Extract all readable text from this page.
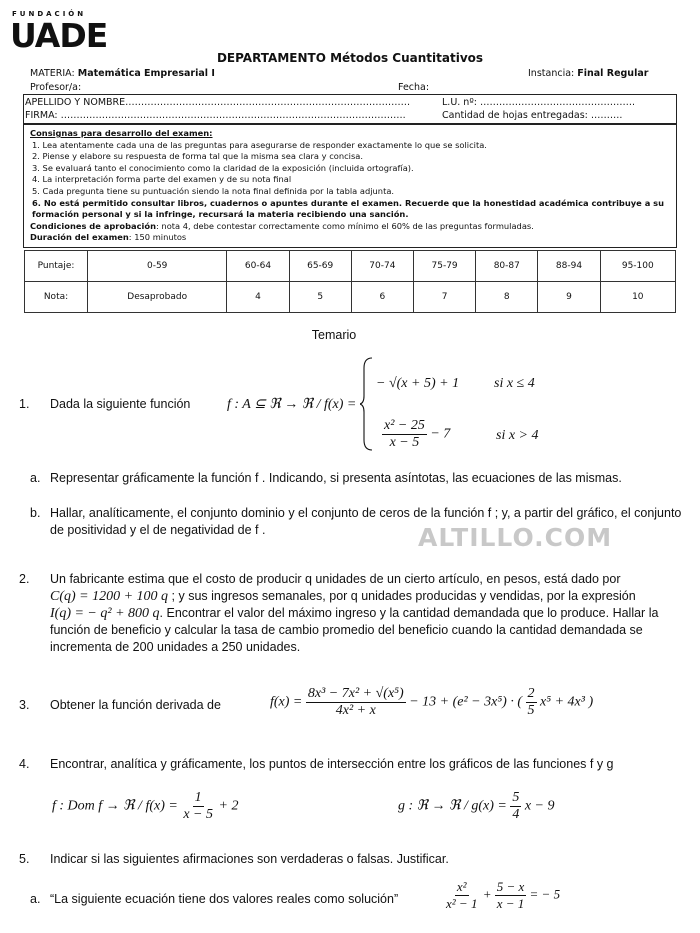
FUNDACIÓN
UADE
DEPARTAMENTO Métodos Cuantitativos
MATERIA: Matemática Empresarial I	Instancia: Final Regular
Profesor/a:	Fecha:
APELLIDO Y NOMBRE………………………………………………………………………………	L.U. nº: ………………………………………….
FIRMA: ……………………………………………………………………………………………….	Cantidad de hojas entregadas: ……….
Consignas para desarrollo del examen:
1. Lea atentamente cada una de las preguntas para asegurarse de responder exactamente lo que se solicita.
2. Piense y elabore su respuesta de forma tal que la misma sea clara y concisa.
3. Se evaluará tanto el conocimiento como la claridad de la exposición (incluida ortografía).
4. La interpretación forma parte del examen y de su nota final
5. Cada pregunta tiene su puntuación siendo la nota final definida por la tabla adjunta.
6. No está permitido consultar libros, cuadernos o apuntes durante el examen. Recuerde que la honestidad académica contribuye a su formación personal y si la infringe, recursará la materia recibiendo una sanción.
Condiciones de aprobación: nota 4, debe contestar correctamente como mínimo el 60% de las preguntas formuladas.
Duración del examen: 150 minutos
Puntaje:	0-59	60-64	65-69	70-74	75-79	80-87	88-94	95-100
Nota:	Desaprobado	4	5	6	7	8	9	10
Temario
1. Dada la siguiente función	f : A ⊆ ℜ → ℜ / f(x) =
− √(x + 5) + 1 si x ≤ 4
$\frac{\text{x² − 25}}{x - 5} - 7$	si x > 4
a. Representar gráficamente la función f . Indicando, si presenta asíntotas, las ecuaciones de las mismas.
b. Hallar, analíticamente, el conjunto dominio y el conjunto de ceros de la función f ; y, a partir del gráfico, el conjunto de positividad y el de negatividad de f .	ALTILLO.COM
2. Un fabricante estima que el costo de producir q unidades de un cierto artículo, en pesos, está dado por
C(q) = 1200 + 100 q ; y sus ingresos semanales, por q unidades producidas y vendidas, por la expresión
I(q) = − q² + 800 q. Encontrar el valor del máximo ingreso y la cantidad demandada que lo produce. Hallar la función de beneficio y calcular la tasa de cambio promedio del beneficio cuando la cantidad demandada se incrementa de 200 unidades a 250 unidades.
3. Obtener la función derivada de	$f(x) = \frac{\text{8x³ − 7x² + √(x⁵)}}{\text{4x² + x}} - 13 + (e^2 - 3x^5)$ · ( $\frac{2}{5} x^5 + 4x^3$ )
4. Encontrar, analítica y gráficamente, los puntos de intersección entre los gráficos de las funciones f y g
f : Dom f → ℜ / $f(x) = \frac{1}{x - 5} + 2$	g : ℜ → ℜ / $g(x) = \frac{5}{4}$ x − 9
5. Indicar si las siguientes afirmaciones son verdaderas o falsas. Justificar.
a. “La siguiente ecuación tiene dos valores reales como solución”	$\frac{\text{x²}}{\text{x² − 1}} + \frac{5 - x}{x - 1}$ = − 5
